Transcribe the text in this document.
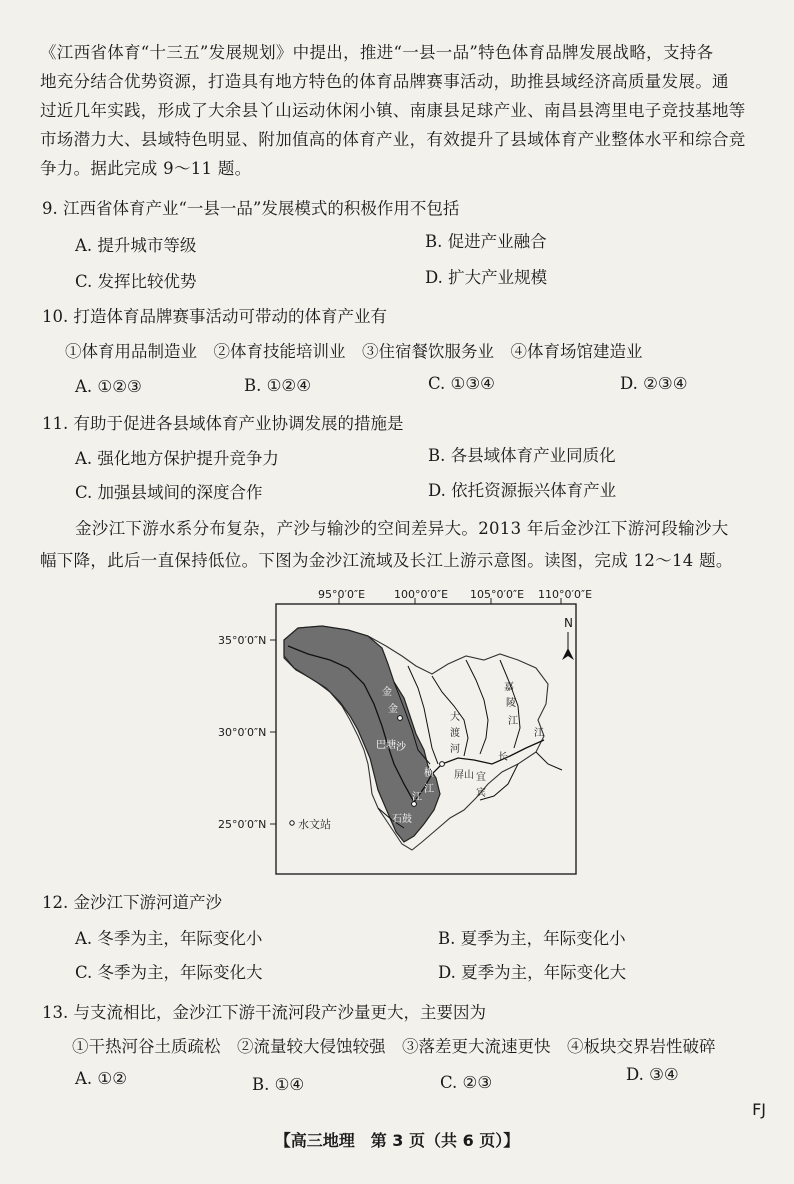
《江西省体育“十三五”发展规划》中提出，推进“一县一品”特色体育品牌发展战略，支持各
地充分结合优势资源，打造具有地方特色的体育品牌赛事活动，助推县域经济高质量发展。通
过近几年实践，形成了大余县丫山运动休闲小镇、南康县足球产业、南昌县湾里电子竞技基地等
市场潜力大、县域特色明显、附加值高的体育产业，有效提升了县域体育产业整体水平和综合竞
争力。据此完成 9～11 题。
9. 江西省体育产业“一县一品”发展模式的积极作用不包括
A. 提升城市等级	B. 促进产业融合
C. 发挥比较优势	D. 扩大产业规模
10. 打造体育品牌赛事活动可带动的体育产业有
①体育用品制造业　②体育技能培训业　③住宿餐饮服务业　④体育场馆建造业
A. ①②③	B. ①②④	C. ①③④	D. ②③④
11. 有助于促进各县域体育产业协调发展的措施是
A. 强化地方保护提升竞争力	B. 各县域体育产业同质化
C. 加强县域间的深度合作	D. 依托资源振兴体育产业
金沙江下游水系分布复杂，产沙与输沙的空间差异大。2013 年后金沙江下游河段输沙大
幅下降，此后一直保持低位。下图为金沙江流域及长江上游示意图。读图，完成 12～14 题。
95°0′0″E	100°0′0″E 105°0′0″E 110°0′0″E
35°0′0″N
30°0′0″N
25°0′0″N
N
水文站
金
金
沙
江
大
渡
河
嘉
陵
江
长
江
巴塘
屏山
石鼓
宜
宾
横
江
12. 金沙江下游河道产沙
A. 冬季为主，年际变化小	B. 夏季为主，年际变化小
C. 冬季为主，年际变化大	D. 夏季为主，年际变化大
13. 与支流相比，金沙江下游干流河段产沙量更大，主要因为
①干热河谷土质疏松　②流量较大侵蚀较强　③落差更大流速更快　④板块交界岩性破碎
A. ①②	B. ①④	C. ②③	D. ③④
FJ
【高三地理　第 3 页（共 6 页）】
